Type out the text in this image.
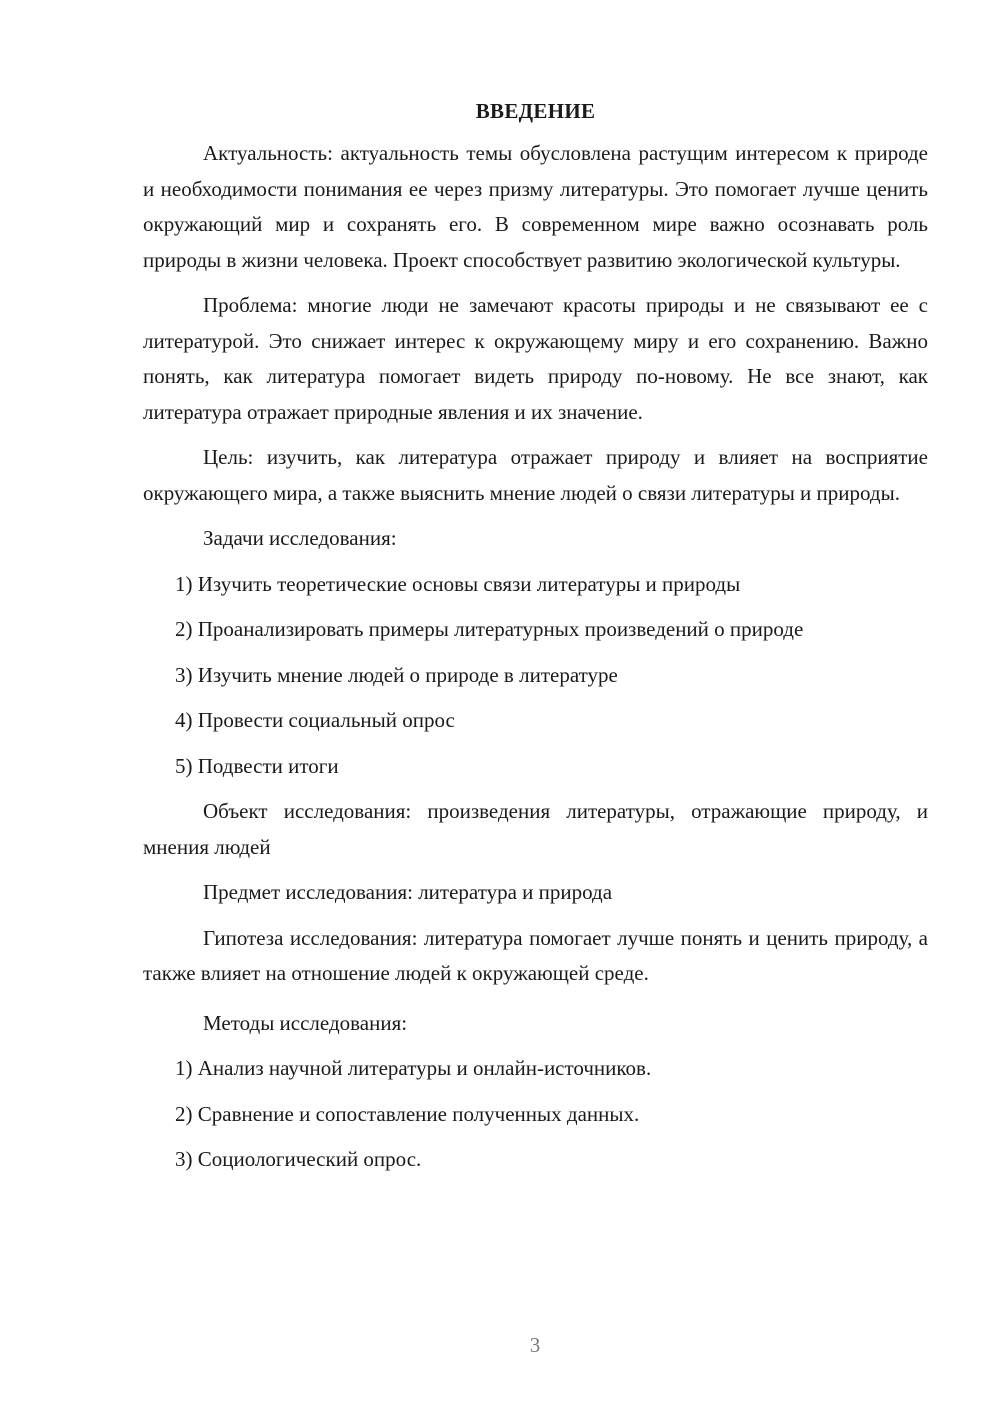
ВВЕДЕНИЕ

Актуальность: актуальность темы обусловлена растущим интересом к природе и необходимости понимания ее через призму литературы. Это помогает лучше ценить окружающий мир и сохранять его. В современном мире важно осознавать роль природы в жизни человека. Проект способствует развитию экологической культуры.

Проблема: многие люди не замечают красоты природы и не связывают ее с литературой. Это снижает интерес к окружающему миру и его сохранению. Важно понять, как литература помогает видеть природу по-новому. Не все знают, как литература отражает природные явления и их значение.

Цель: изучить, как литература отражает природу и влияет на восприятие окружающего мира, а также выяснить мнение людей о связи литературы и природы.

Задачи исследования:

1) Изучить теоретические основы связи литературы и природы

2) Проанализировать примеры литературных произведений о природе

3) Изучить мнение людей о природе в литературе

4) Провести социальный опрос

5) Подвести итоги

Объект исследования: произведения литературы, отражающие природу, и мнения людей

Предмет исследования: литература и природа

Гипотеза исследования: литература помогает лучше понять и ценить природу, а также влияет на отношение людей к окружающей среде.

Методы исследования:

1) Анализ научной литературы и онлайн-источников.

2) Сравнение и сопоставление полученных данных.

3) Социологический опрос.

3
